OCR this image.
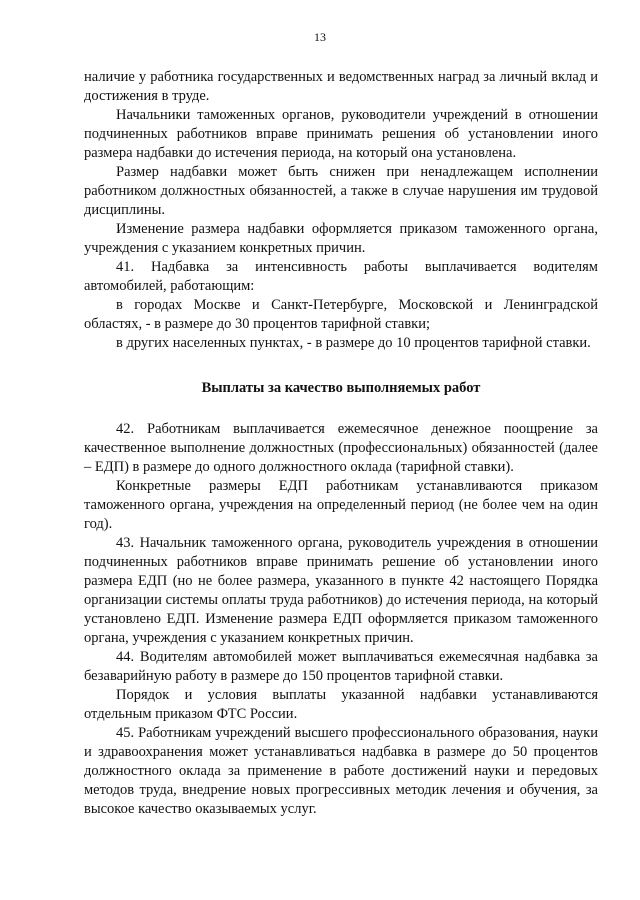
13

наличие у работника государственных и ведомственных наград за личный вклад и достижения в труде.

Начальники таможенных органов, руководители учреждений в отношении подчиненных работников вправе принимать решения об установлении иного размера надбавки до истечения периода, на который она установлена.

Размер надбавки может быть снижен при ненадлежащем исполнении работником должностных обязанностей, а также в случае нарушения им трудовой дисциплины.

Изменение размера надбавки оформляется приказом таможенного органа, учреждения с указанием конкретных причин.

41. Надбавка за интенсивность работы выплачивается водителям автомобилей, работающим:

в городах Москве и Санкт-Петербурге, Московской и Ленинградской областях, - в размере до 30 процентов тарифной ставки;

в других населенных пунктах, - в размере до 10 процентов тарифной ставки.

Выплаты за качество выполняемых работ

42. Работникам выплачивается ежемесячное денежное поощрение за качественное выполнение должностных (профессиональных) обязанностей (далее – ЕДП) в размере до одного должностного оклада (тарифной ставки).

Конкретные размеры ЕДП работникам устанавливаются приказом таможенного органа, учреждения на определенный период (не более чем на один год).

43. Начальник таможенного органа, руководитель учреждения в отношении подчиненных работников вправе принимать решение об установлении иного размера ЕДП (но не более размера, указанного в пункте 42 настоящего Порядка организации системы оплаты труда работников) до истечения периода, на который установлено ЕДП. Изменение размера ЕДП оформляется приказом таможенного органа, учреждения с указанием конкретных причин.

44. Водителям автомобилей может выплачиваться ежемесячная надбавка за безаварийную работу в размере до 150 процентов тарифной ставки.

Порядок и условия выплаты указанной надбавки устанавливаются отдельным приказом ФТС России.

45. Работникам учреждений высшего профессионального образования, науки и здравоохранения может устанавливаться надбавка в размере до 50 процентов должностного оклада за применение в работе достижений науки и передовых методов труда, внедрение новых прогрессивных методик лечения и обучения, за высокое качество оказываемых услуг.
